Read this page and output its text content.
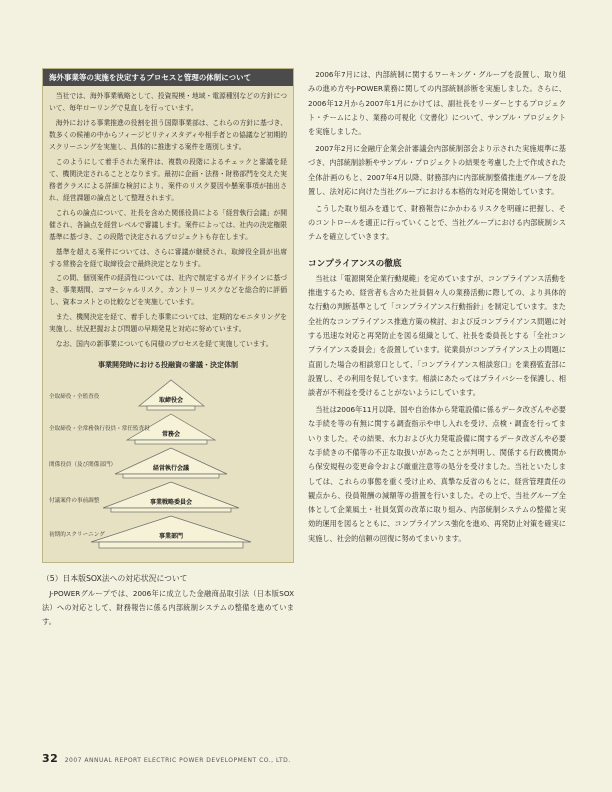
海外事業等の実施を決定するプロセスと管理の体制について

当社では、海外事業戦略として、投資規模・地域・電源種別などの方針について、毎年ローリングで見直しを行っています。

海外における事業推進の役割を担う国際事業部は、これらの方針に基づき、数多くの候補の中からフィージビリティスタディや相手者との協議など初期的スクリーニングを実施し、具体的に推進する案件を選別します。

このようにして着手された案件は、複数の段階によるチェックと審議を経て、機関決定されることとなります。最初に企画・法務・財務部門を交えた実務者クラスによる詳細な検討により、案件のリスク要因や懸案事項が抽出され、経営課題の論点として整理されます。

これらの論点について、社長を含めた関係役員による「経営執行会議」が開催され、各論点を経営レベルで審議します。案件によっては、社内の決定権限基準に基づき、この段階で決定されるプロジェクトも存在します。

基準を超える案件については、さらに審議が継続され、取締役全員が出席する常務会を経て取締役会で最終決定となります。

この間、個別案件の経済性については、社内で制定するガイドラインに基づき、事業期間、コマーシャルリスク、カントリーリスクなどを総合的に評価し、資本コストとの比較などを実施しています。

また、機関決定を経て、着手した事業については、定期的なモニタリングを実施し、状況把握および問題の早期発見と対応に努めています。

なお、国内の新事業についても同様のプロセスを経て実施しています。

事業開発時における投融資の審議・決定体制
全取締役・全監査役
全取締役・全常務執行役員・常任監査役
関係役員（及び関係部門）
付議案件の事前調整
初期的スクリーニング
取締役会
常務会
経営執行会議
事業戦略委員会
事業部門
（5）日本版SOX法への対応状況について

J-POWERグループでは、2006年に成立した金融商品取引法（日本版SOX法）への対応として、財務報告に係る内部統制システムの整備を進めています。

2006年7月には、内部統制に関するワーキング・グループを設置し、取り組みの進め方やJ-POWER業務に関しての内部統制診断を実施しました。さらに、2006年12月から2007年1月にかけては、副社長をリーダーとするプロジェクト・チームにより、業務の可視化（文書化）について、サンプル・プロジェクトを実施しました。

2007年2月に金融庁企業会計審議会内部統制部会より示された実施規準に基づき、内部統制診断やサンプル・プロジェクトの結果を考慮した上で作成された全体計画のもと、2007年4月以降、財務部内に内部統制整備推進グループを設置し、法対応に向けた当社グループにおける本格的な対応を開始しています。

こうした取り組みを通じて、財務報告にかかわるリスクを明確に把握し、そのコントロールを適正に行っていくことで、当社グループにおける内部統制システムを確立していきます。

コンプライアンスの徹底

当社は「電源開発企業行動規範」を定めていますが、コンプライアンス活動を推進するため、経営者も含めた社員個々人の業務活動に際しての、より具体的な行動の判断基準として「コンプライアンス行動指針」を制定しています。また全社的なコンプライアンス推進方策の検討、および反コンプライアンス問題に対する迅速な対応と再発防止を図る組織として、社長を委員長とする「全社コンプライアンス委員会」を設置しています。従業員がコンプライアンス上の問題に直面した場合の相談窓口として、「コンプライアンス相談窓口」を業務監査部に設置し、その利用を促しています。相談にあたってはプライバシーを保護し、相談者が不利益を受けることがないようにしています。

当社は2006年11月以降、国や自治体から発電設備に係るデータ改ざんや必要な手続を等の有無に関する調査指示や申し入れを受け、点検・調査を行ってまいりました。その結果、水力および火力発電設備に関するデータ改ざんや必要な手続きの不備等の不正な取扱いがあったことが判明し、関係する行政機関から保安規程の変更命令および厳重注意等の処分を受けました。当社といたしましては、これらの事態を重く受け止め、真摯な反省のもとに、経営管理責任の観点から、役員報酬の減額等の措置を行いました。その上で、当社グループ全体として企業風土・社員気質の改革に取り組み、内部統制システムの整備と実効的運用を図るとともに、コンプライアンス強化を進め、再発防止対策を確実に実施し、社会的信頼の回復に努めてまいります。

32 2007 ANNUAL REPORT ELECTRIC POWER DEVELOPMENT CO., LTD.
